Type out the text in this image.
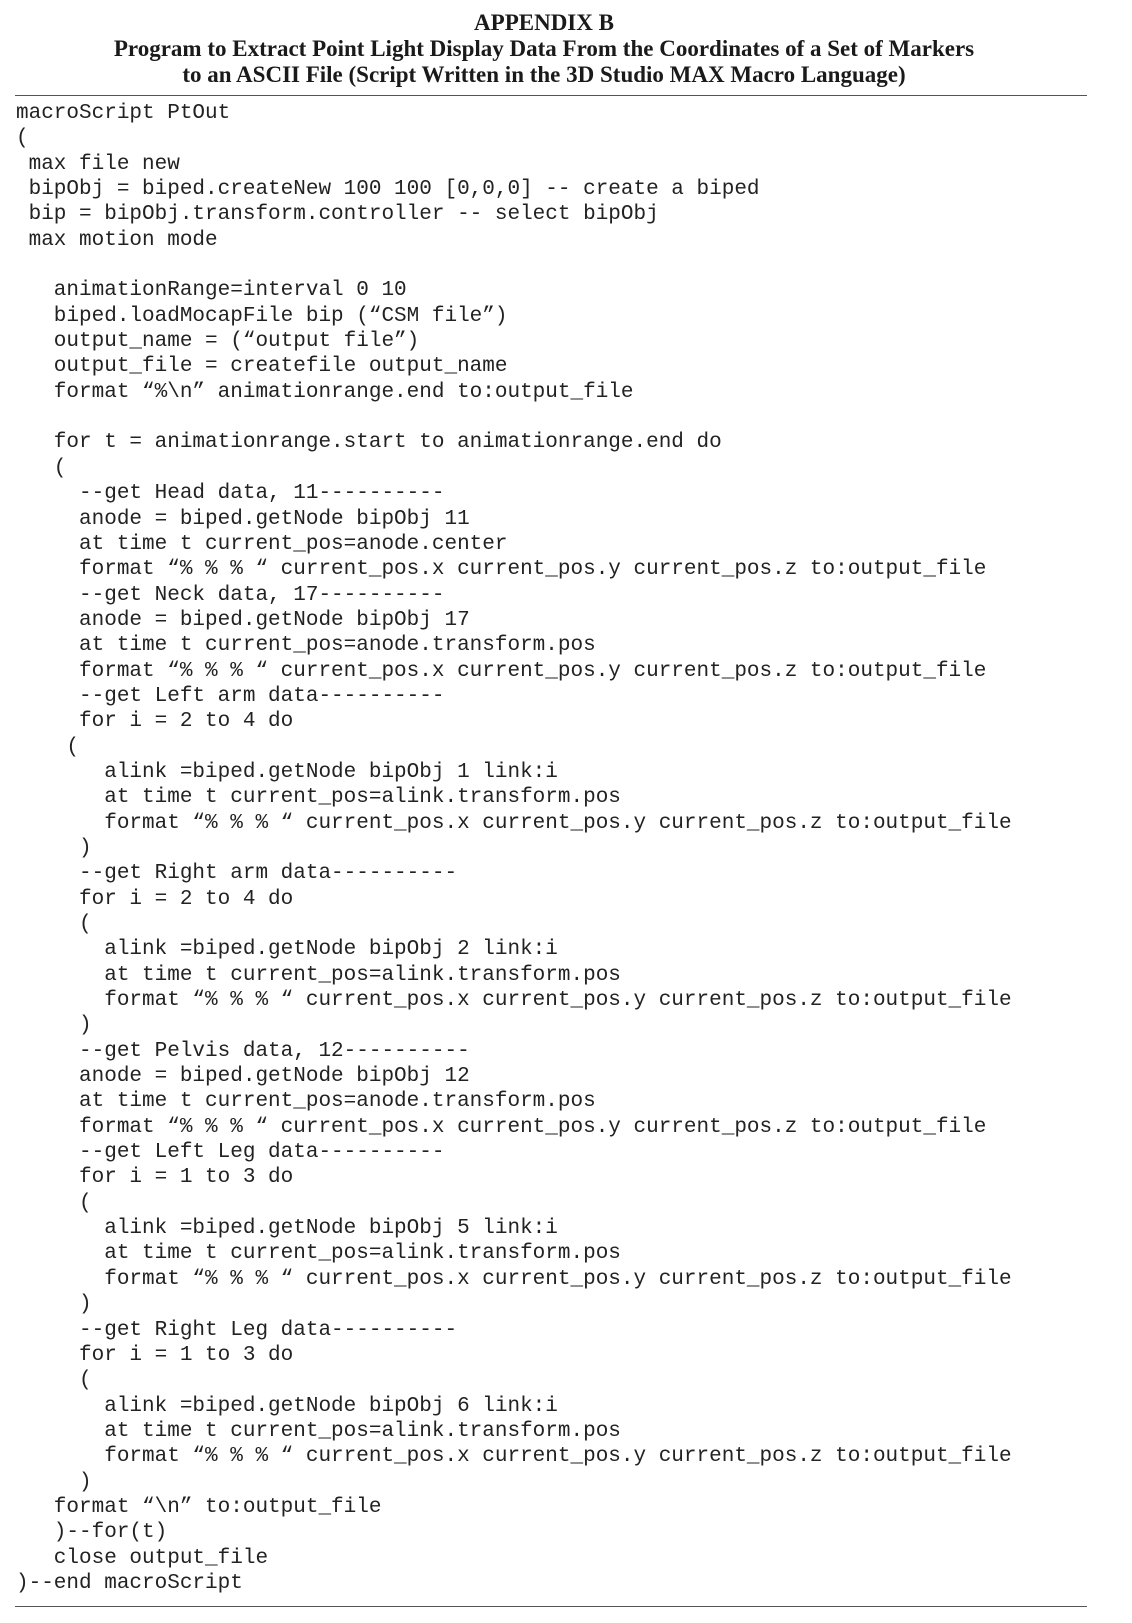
APPENDIX B
Program to Extract Point Light Display Data From the Coordinates of a Set of Markers
to an ASCII File (Script Written in the 3D Studio MAX Macro Language)
macroScript PtOut
(
max file new
bipObj = biped.createNew 100 100 [0,0,0] -- create a biped
bip = bipObj.transform.controller -- select bipObj
max motion mode
animationRange=interval 0 10
biped.loadMocapFile bip (“CSM file”)
output_name = (“output file”)
output_file = createfile output_name
format “%\n” animationrange.end to:output_file
for t = animationrange.start to animationrange.end do
(
--get Head data, 11----------
anode = biped.getNode bipObj 11
at time t current_pos=anode.center
format “% % % “ current_pos.x current_pos.y current_pos.z to:output_file
--get Neck data, 17----------
anode = biped.getNode bipObj 17
at time t current_pos=anode.transform.pos
format “% % % “ current_pos.x current_pos.y current_pos.z to:output_file
--get Left arm data----------
for i = 2 to 4 do
(
alink =biped.getNode bipObj 1 link:i
at time t current_pos=alink.transform.pos
format “% % % “ current_pos.x current_pos.y current_pos.z to:output_file
)
--get Right arm data----------
for i = 2 to 4 do
(
alink =biped.getNode bipObj 2 link:i
at time t current_pos=alink.transform.pos
format “% % % “ current_pos.x current_pos.y current_pos.z to:output_file
)
--get Pelvis data, 12----------
anode = biped.getNode bipObj 12
at time t current_pos=anode.transform.pos
format “% % % “ current_pos.x current_pos.y current_pos.z to:output_file
--get Left Leg data----------
for i = 1 to 3 do
(
alink =biped.getNode bipObj 5 link:i
at time t current_pos=alink.transform.pos
format “% % % “ current_pos.x current_pos.y current_pos.z to:output_file
)
--get Right Leg data----------
for i = 1 to 3 do
(
alink =biped.getNode bipObj 6 link:i
at time t current_pos=alink.transform.pos
format “% % % “ current_pos.x current_pos.y current_pos.z to:output_file
)
format “\n” to:output_file
)--for(t)
close output_file
)--end macroScript
